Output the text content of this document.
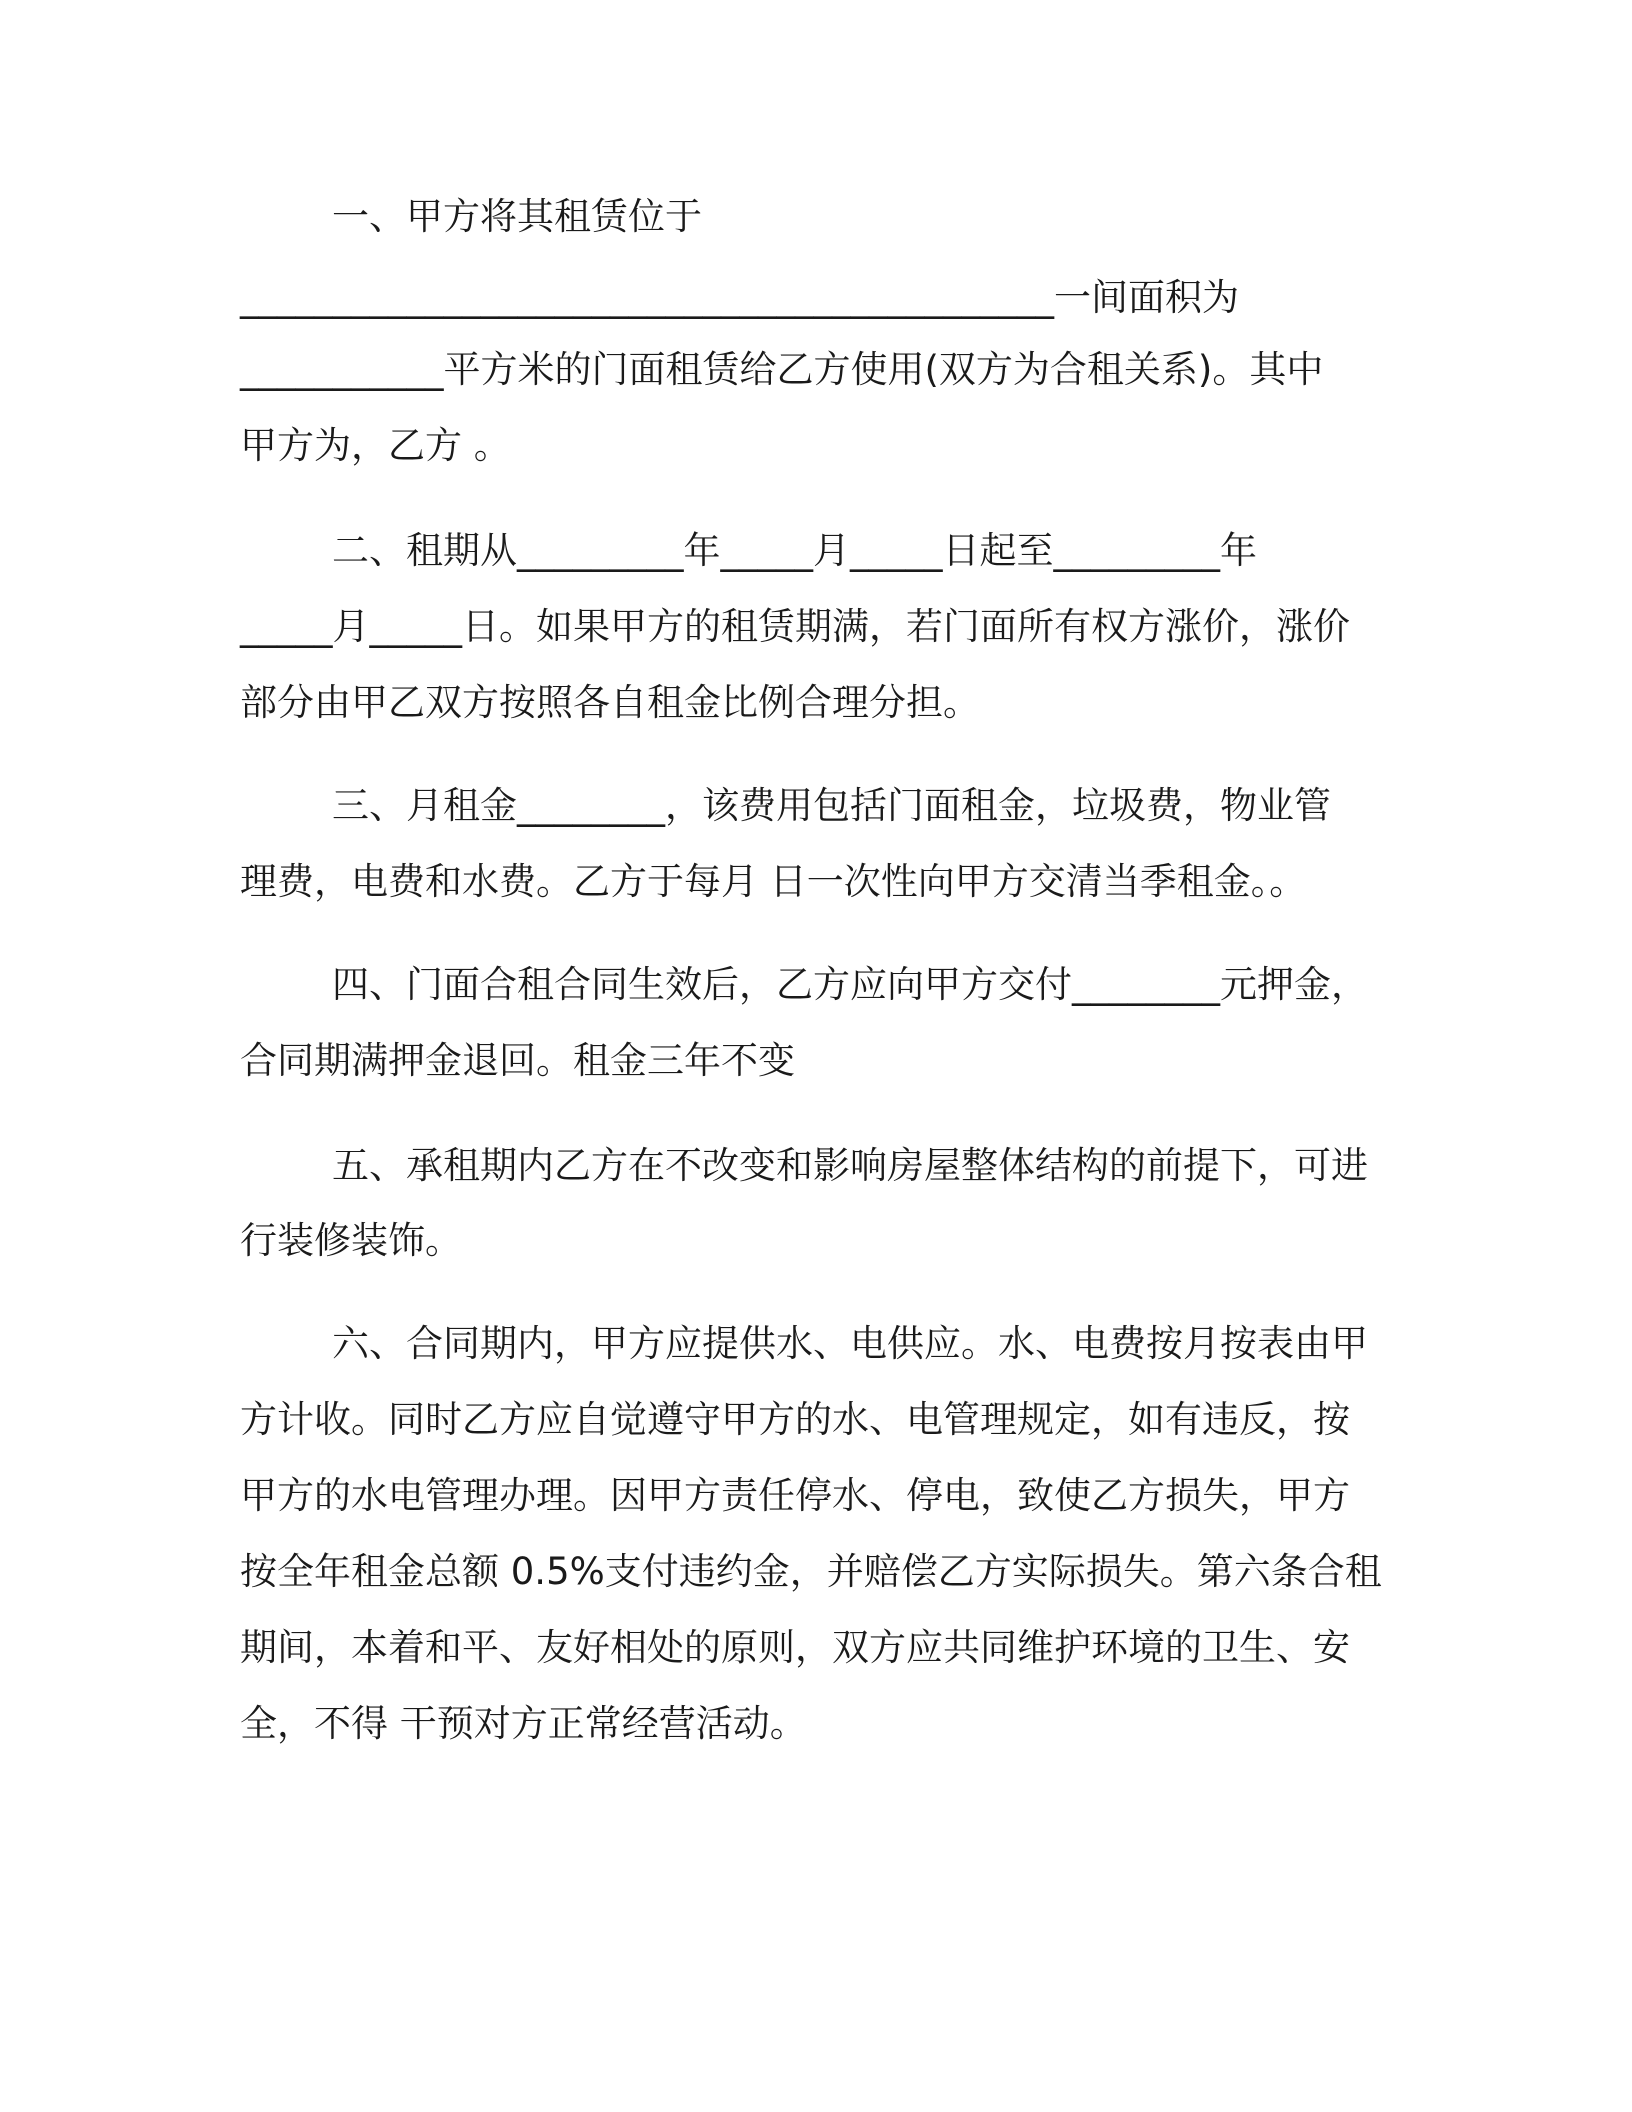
一、甲方将其租赁位于
____________________________________________一间面积为
___________平方米的门面租赁给乙方使用(双方为合租关系)。其中
甲方为，乙方 。
二、租期从_________年_____月_____日起至_________年
_____月_____日。如果甲方的租赁期满，若门面所有权方涨价，涨价
部分由甲乙双方按照各自租金比例合理分担。
三、月租金________，该费用包括门面租金，垃圾费，物业管
理费，电费和水费。乙方于每月 日一次性向甲方交清当季租金。。
四、门面合租合同生效后，乙方应向甲方交付________元押金，
合同期满押金退回。租金三年不变
五、承租期内乙方在不改变和影响房屋整体结构的前提下，可进
行装修装饰。
六、合同期内，甲方应提供水、电供应。水、电费按月按表由甲
方计收。同时乙方应自觉遵守甲方的水、电管理规定，如有违反，按
甲方的水电管理办理。因甲方责任停水、停电，致使乙方损失，甲方
按全年租金总额 0.5%支付违约金，并赔偿乙方实际损失。第六条合租
期间，本着和平、友好相处的原则，双方应共同维护环境的卫生、安
全，不得 干预对方正常经营活动。
